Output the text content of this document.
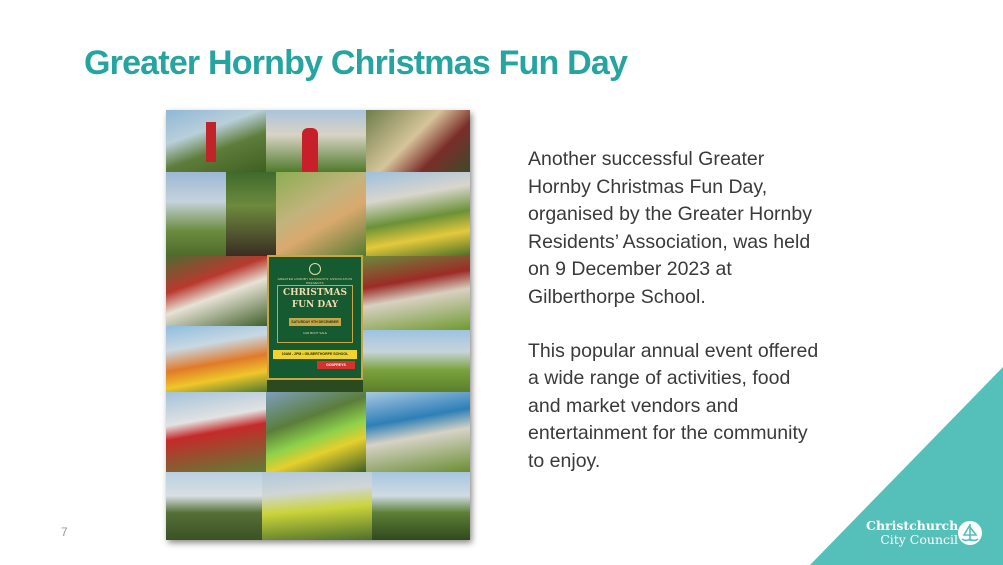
Greater Hornby Christmas Fun Day
GREATER HORNBY RESIDENTS' ASSOCIATION PRESENTS
CHRISTMAS
FUN DAY
SATURDAY 9TH DECEMBER
CAR BOOT SALE
10AM - 2PM • GILBERTHORPE SCHOOL
GODFREYS

Another successful Greater Hornby Christmas Fun Day, organised by the Greater Hornby Residents’ Association, was held on 9 December 2023 at Gilberthorpe School.

This popular annual event offered a wide range of activities, food and market vendors and entertainment for the community to enjoy.

7	Christchurch
City Council
